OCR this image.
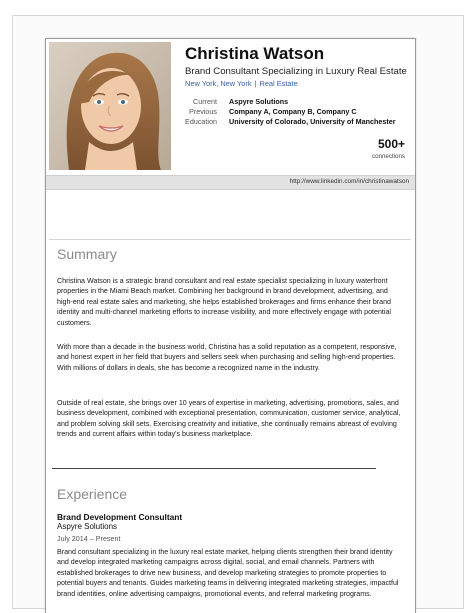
Christina Watson
Brand Consultant Specializing in Luxury Real Estate
New York, New York | Real Estate
Current Aspyre Solutions
Previous Company A, Company B, Company C
Education University of Colorado, University of Manchester
500+
connections
http://www.linkedin.com/in/christinawatson
Summary
Christina Watson is a strategic brand consultant and real estate specialist specializing in luxury waterfront properties in the Miami Beach market. Combining her background in brand development, advertising, and high-end real estate sales and marketing, she helps established brokerages and firms enhance their brand identity and multi-channel marketing efforts to increase visibility, and more effectively engage with potential customers.
With more than a decade in the business world, Christina has a solid reputation as a competent, responsive, and honest expert in her field that buyers and sellers seek when purchasing and selling high-end properties. With millions of dollars in deals, she has become a recognized name in the industry.
Outside of real estate, she brings over 10 years of expertise in marketing, advertising, promotions, sales, and business development, combined with exceptional presentation, communication, customer service, analytical, and problem solving skill sets. Exercising creativity and initiative, she continually remains abreast of evolving trends and current affairs within today's business marketplace.
Experience
Brand Development Consultant
Aspyre Solutions
July 2014 – Present
Brand consultant specializing in the luxury real estate market, helping clients strengthen their brand identity and develop integrated marketing campaigns across digital, social, and email channels. Partners with established brokerages to drive new business, and develop marketing strategies to promote properties to potential buyers and tenants. Guides marketing teams in delivering integrated marketing strategies, impactful brand identities, online advertising campaigns, promotional events, and referral marketing programs.
